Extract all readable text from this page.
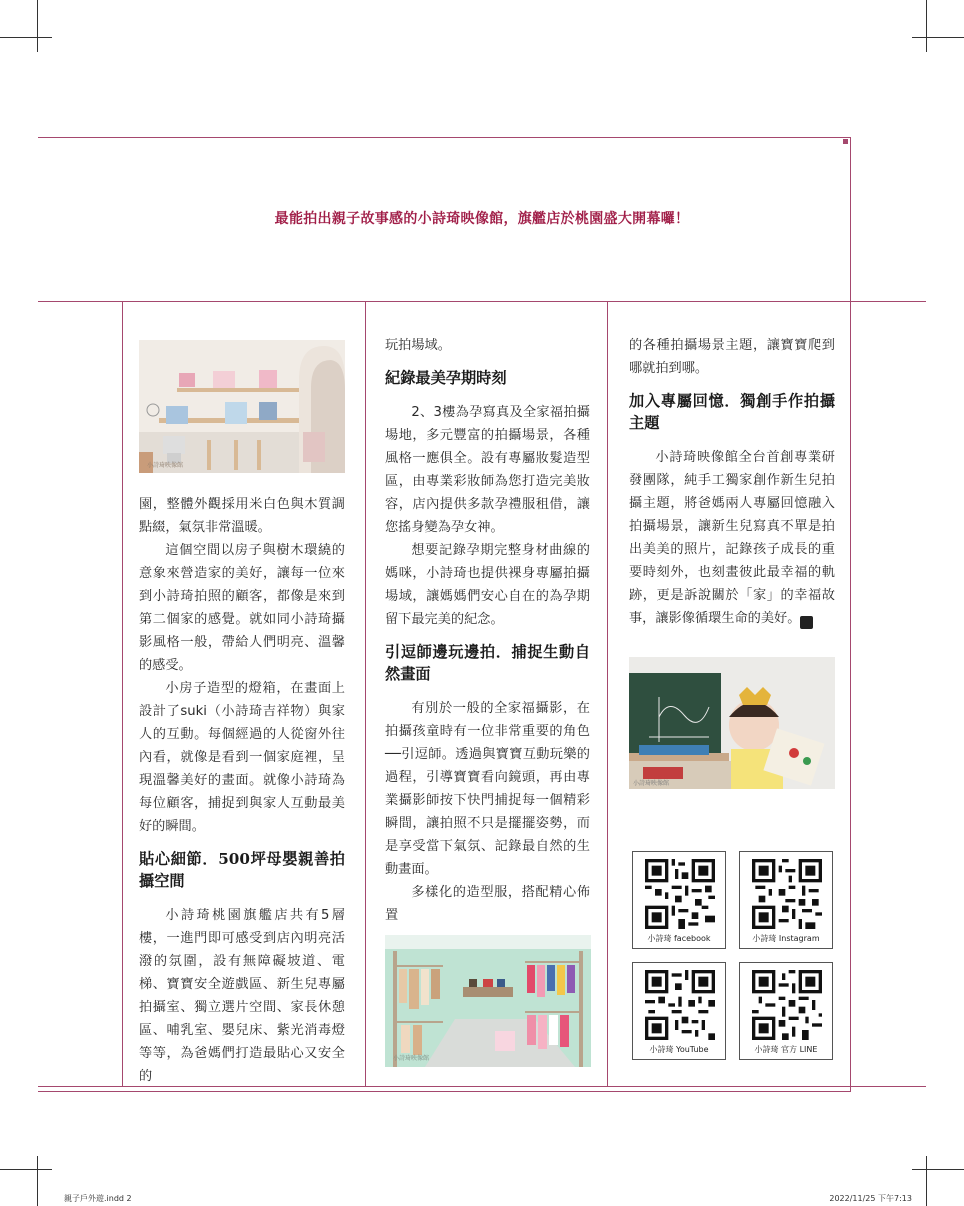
最能拍出親子故事感的小詩琦映像館，旗艦店於桃園盛大開幕囉！
小詩琦映像館

園，整體外觀採用米白色與木質調點綴，氣氛非常溫暖。

這個空間以房子與樹木環繞的意象來營造家的美好，讓每一位來到小詩琦拍照的顧客，都像是來到第二個家的感覺。就如同小詩琦攝影風格一般，帶給人們明亮、溫馨的感受。

小房子造型的燈箱，在畫面上設計了suki（小詩琦吉祥物）與家人的互動。每個經過的人從窗外往內看，就像是看到一個家庭裡，呈現溫馨美好的畫面。就像小詩琦為每位顧客，捕捉到與家人互動最美好的瞬間。

貼心細節．500坪母嬰親善拍攝空間

小詩琦桃園旗艦店共有5層樓，一進門即可感受到店內明亮活潑的氛圍，設有無障礙坡道、電梯、寶寶安全遊戲區、新生兒專屬拍攝室、獨立選片空間、家長休憩區、哺乳室、嬰兒床、紫光消毒燈等等，為爸媽們打造最貼心又安全的

玩拍場域。

紀錄最美孕期時刻

2、3樓為孕寫真及全家福拍攝場地，多元豐富的拍攝場景，各種風格一應俱全。設有專屬妝髮造型區，由專業彩妝師為您打造完美妝容，店內提供多款孕禮服租借，讓您搖身變為孕女神。

想要記錄孕期完整身材曲線的媽咪，小詩琦也提供裸身專屬拍攝場域，讓媽媽們安心自在的為孕期留下最完美的紀念。

引逗師邊玩邊拍．捕捉生動自然畫面

有別於一般的全家福攝影，在拍攝孩童時有一位非常重要的角色──引逗師。透過與寶寶互動玩樂的過程，引導寶寶看向鏡頭，再由專業攝影師按下快門捕捉每一個精彩瞬間，讓拍照不只是擺擺姿勢，而是享受當下氣氛、記錄最自然的生動畫面。

多樣化的造型服，搭配精心佈置

小詩琦映像館

的各種拍攝場景主題，讓寶寶爬到哪就拍到哪。

加入專屬回憶．獨創手作拍攝主題

小詩琦映像館全台首創專業研發團隊，純手工獨家創作新生兒拍攝主題，將爸媽兩人專屬回憶融入拍攝場景，讓新生兒寫真不單是拍出美美的照片，記錄孩子成長的重要時刻外，也刻畫彼此最幸福的軌跡，更是訴說關於「家」的幸福故事，讓影像循環生命的美好。	m

小詩琦映像館
小詩琦 facebook	小詩琦 Instagram
小詩琦 YouTube	小詩琦 官方 LINE
親子戶外遊.indd 2	2022/11/25 下午7:13
